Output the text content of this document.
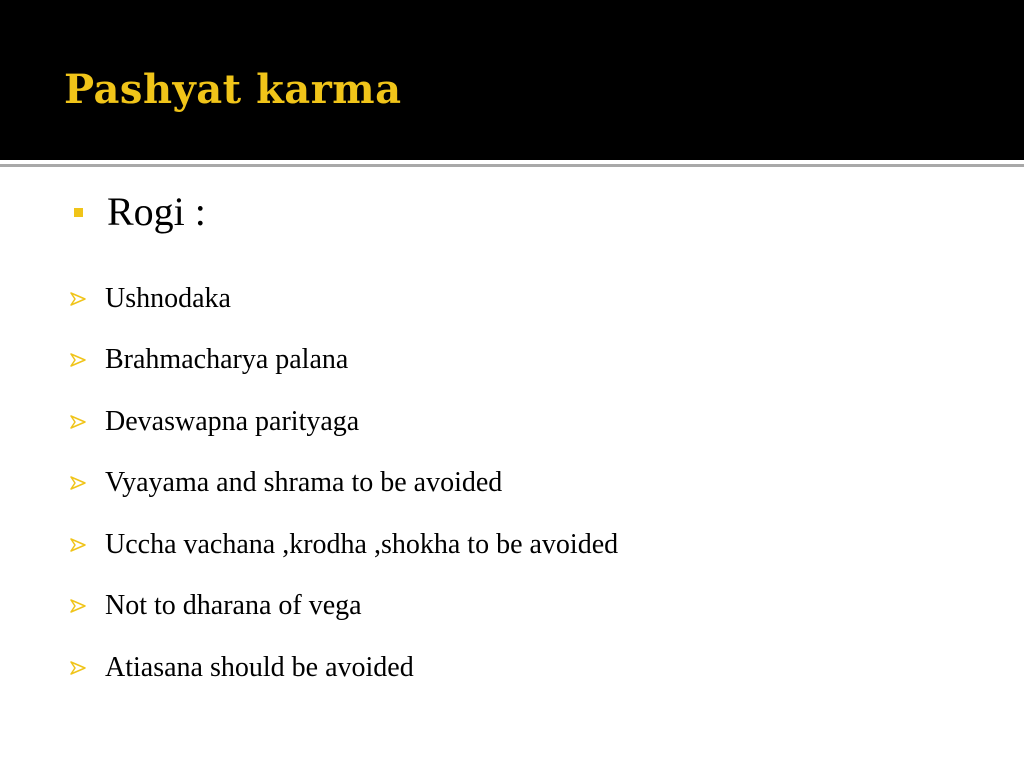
Pashyat karma
Rogi :
Ushnodaka
Brahmacharya palana
Devaswapna parityaga
Vyayama and shrama to be avoided
Uccha vachana ,krodha ,shokha to be avoided
Not to dharana of vega
Atiasana should be avoided
